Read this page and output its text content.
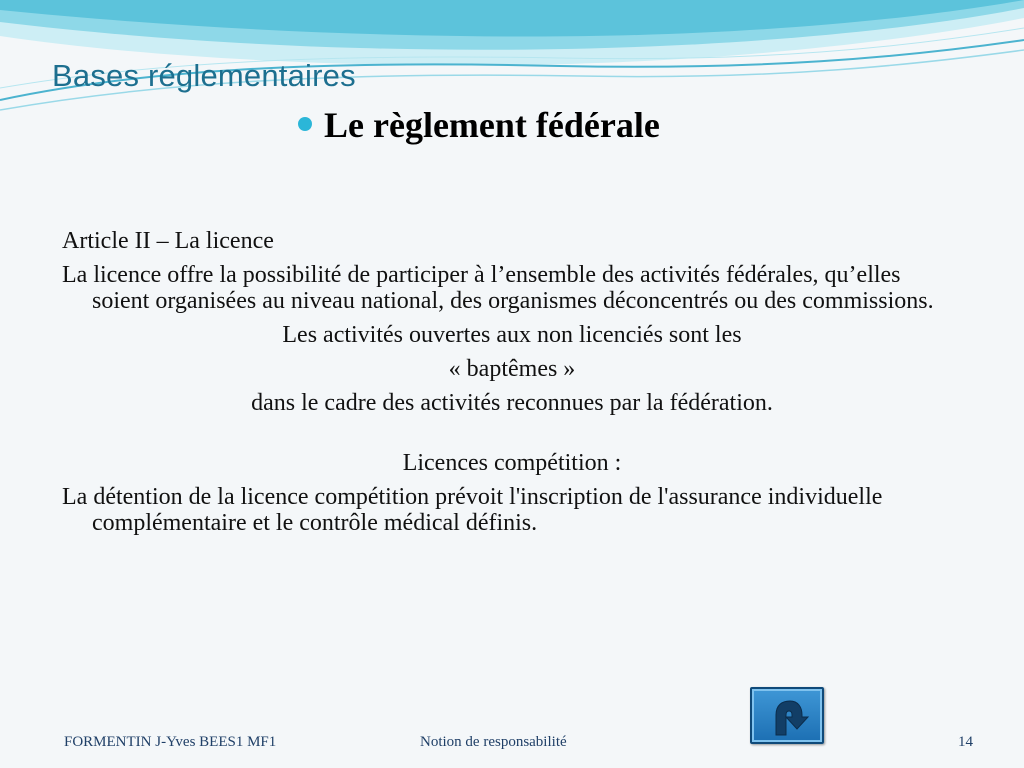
Bases réglementaires
Le règlement fédérale

Article II – La licence

La licence offre la possibilité de participer à l’ensemble des activités fédérales, qu’elles soient organisées au niveau national, des organismes déconcentrés ou des commissions.

Les activités ouvertes aux non licenciés sont les

« baptêmes »

dans le cadre des activités reconnues par la fédération.

Licences compétition :

La détention de la licence compétition prévoit l'inscription de l'assurance individuelle complémentaire et le contrôle médical définis.

FORMENTIN J-Yves BEES1 MF1	Notion de responsabilité	14
